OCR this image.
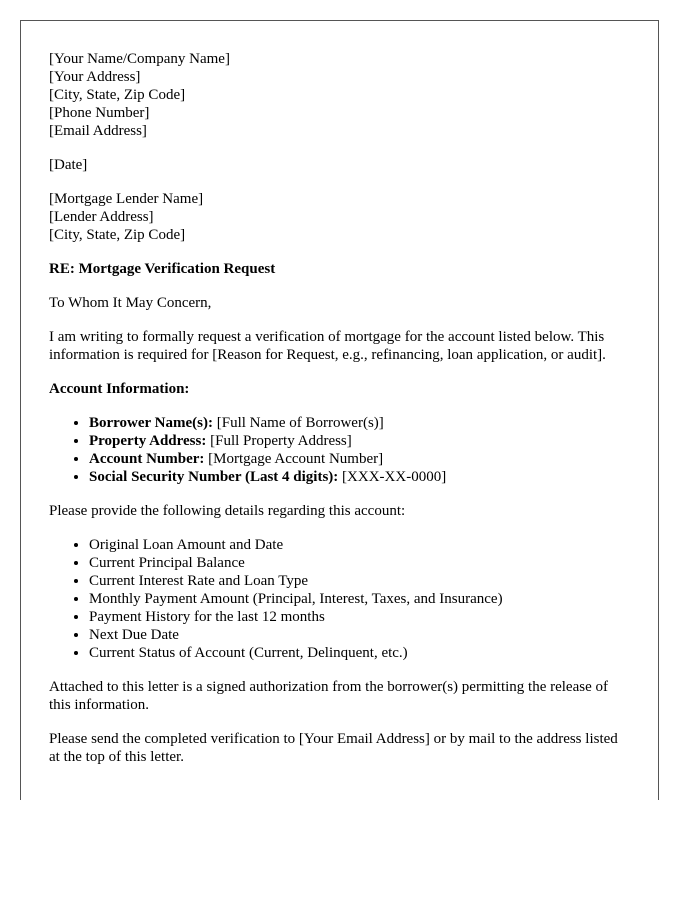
[Your Name/Company Name]
[Your Address]
[City, State, Zip Code]
[Phone Number]
[Email Address]
[Date]
[Mortgage Lender Name]
[Lender Address]
[City, State, Zip Code]
RE: Mortgage Verification Request

To Whom It May Concern,

I am writing to formally request a verification of mortgage for the account listed below. This information is required for [Reason for Request, e.g., refinancing, loan application, or audit].

Account Information:
• Borrower Name(s): [Full Name of Borrower(s)]
• Property Address: [Full Property Address]
• Account Number: [Mortgage Account Number]
• Social Security Number (Last 4 digits): [XXX-XX-0000]

Please provide the following details regarding this account:

• Original Loan Amount and Date
• Current Principal Balance
• Current Interest Rate and Loan Type
• Monthly Payment Amount (Principal, Interest, Taxes, and Insurance)
• Payment History for the last 12 months
• Next Due Date
• Current Status of Account (Current, Delinquent, etc.)

Attached to this letter is a signed authorization from the borrower(s) permitting the release of this information.

Please send the completed verification to [Your Email Address] or by mail to the address listed at the top of this letter.
